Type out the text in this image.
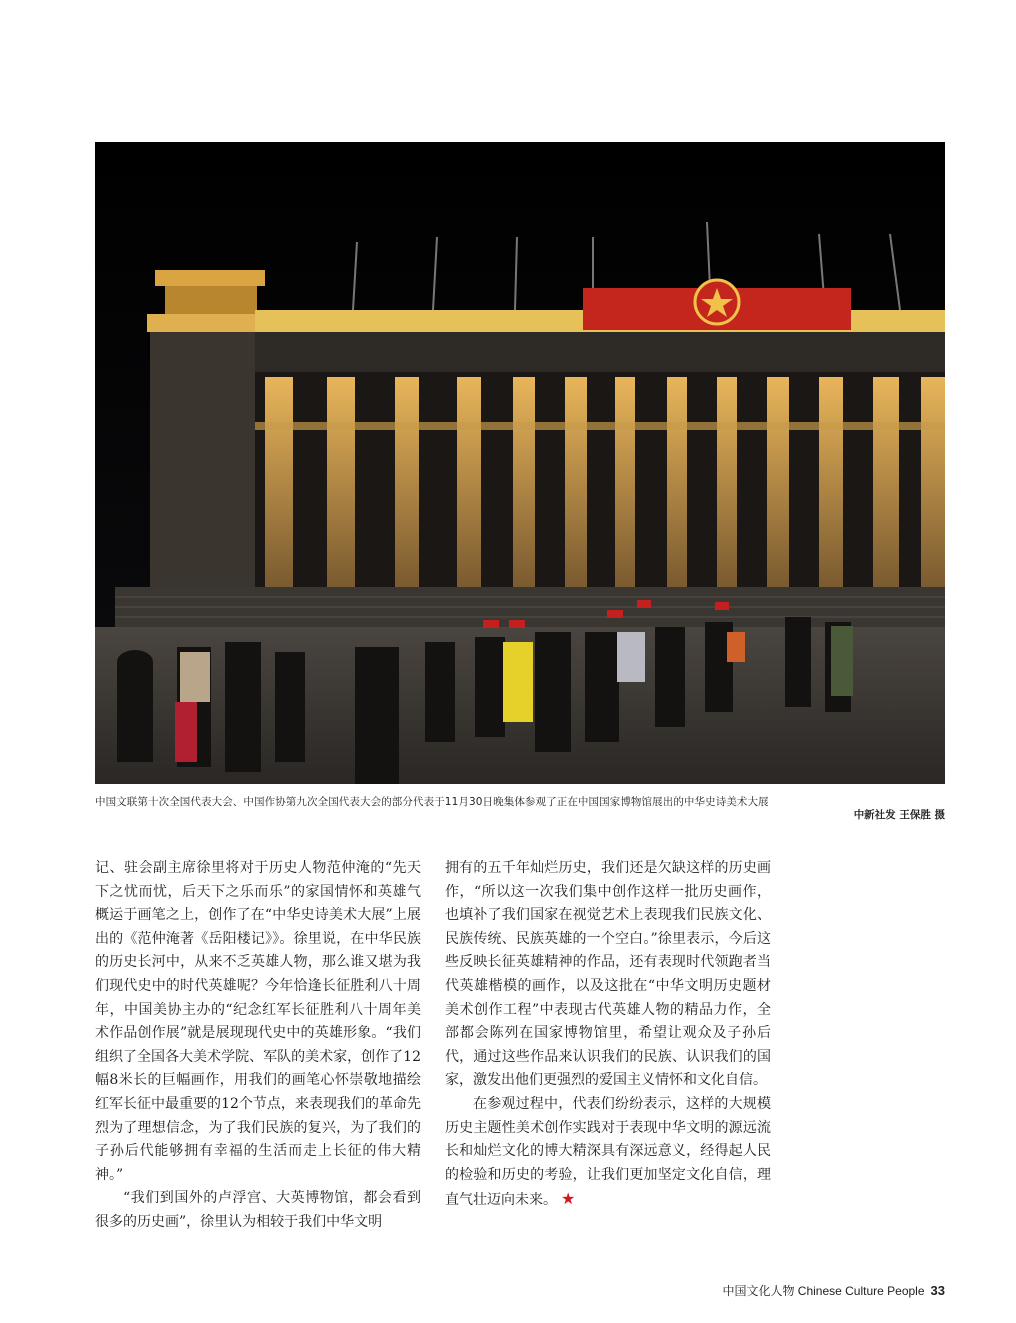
中国文联第十次全国代表大会、中国作协第九次全国代表大会的部分代表于11月30日晚集体参观了正在中国国家博物馆展出的中华史诗美术大展
中新社发 王保胜 摄

记、驻会副主席徐里将对于历史人物范仲淹的“先天下之忧而忧，后天下之乐而乐”的家国情怀和英雄气概运于画笔之上，创作了在“中华史诗美术大展”上展出的《范仲淹著《岳阳楼记》》。徐里说，在中华民族的历史长河中，从来不乏英雄人物，那么谁又堪为我们现代史中的时代英雄呢？今年恰逢长征胜利八十周年，中国美协主办的“纪念红军长征胜利八十周年美术作品创作展”就是展现现代史中的英雄形象。“我们组织了全国各大美术学院、军队的美术家，创作了12幅8米长的巨幅画作，用我们的画笔心怀崇敬地描绘红军长征中最重要的12个节点，来表现我们的革命先烈为了理想信念，为了我们民族的复兴，为了我们的子孙后代能够拥有幸福的生活而走上长征的伟大精神。”

“我们到国外的卢浮宫、大英博物馆，都会看到很多的历史画”，徐里认为相较于我们中华文明

拥有的五千年灿烂历史，我们还是欠缺这样的历史画作，“所以这一次我们集中创作这样一批历史画作，也填补了我们国家在视觉艺术上表现我们民族文化、民族传统、民族英雄的一个空白。”徐里表示，今后这些反映长征英雄精神的作品，还有表现时代领跑者当代英雄楷模的画作，以及这批在“中华文明历史题材美术创作工程”中表现古代英雄人物的精品力作，全部都会陈列在国家博物馆里，希望让观众及子孙后代，通过这些作品来认识我们的民族、认识我们的国家，激发出他们更强烈的爱国主义情怀和文化自信。

在参观过程中，代表们纷纷表示，这样的大规模历史主题性美术创作实践对于表现中华文明的源远流长和灿烂文化的博大精深具有深远意义，经得起人民的检验和历史的考验，让我们更加坚定文化自信，理直气壮迈向未来。 ★

中国文化人物 Chinese Culture People 33
